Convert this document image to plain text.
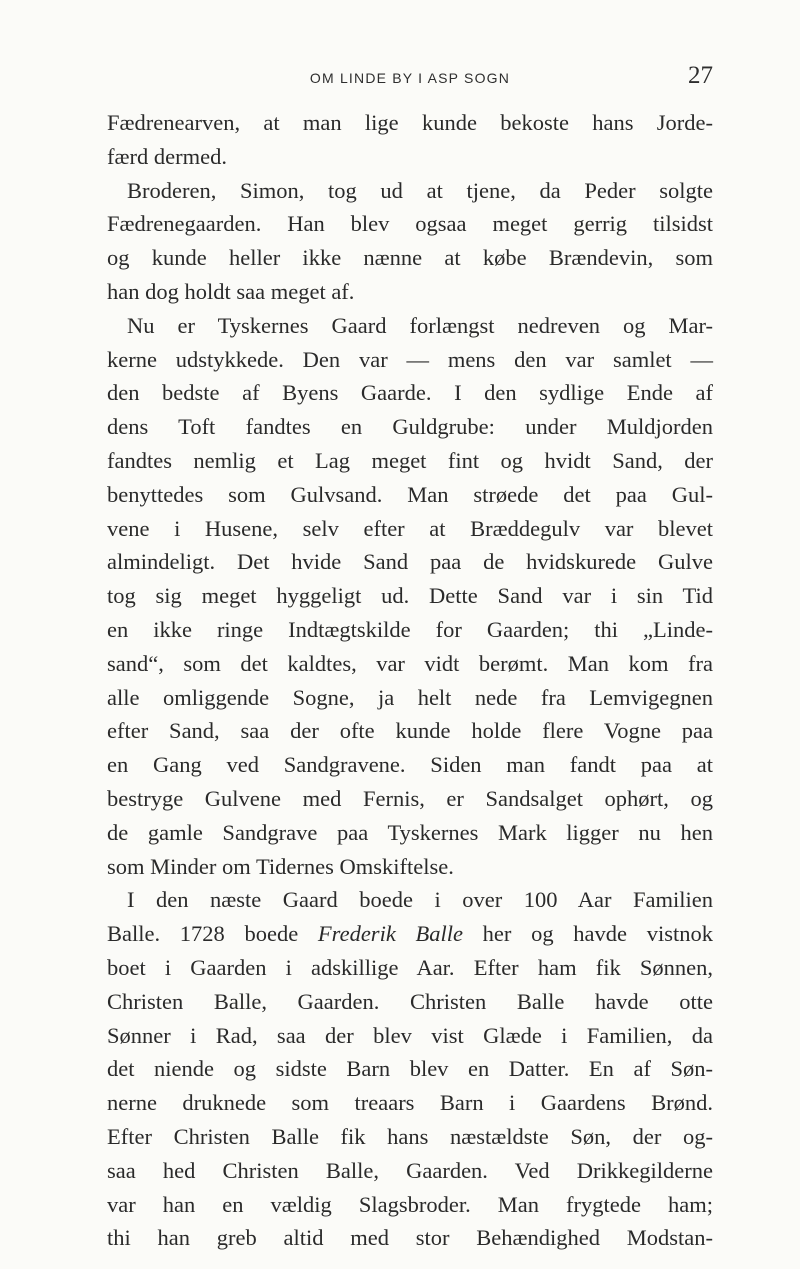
OM LINDE BY I ASP SOGN	27
Fædrenearven, at man lige kunde bekoste hans Jorde-
færd dermed.
Broderen, Simon, tog ud at tjene, da Peder solgte
Fædrenegaarden. Han blev ogsaa meget gerrig tilsidst
og kunde heller ikke nænne at købe Brændevin, som
han dog holdt saa meget af.
Nu er Tyskernes Gaard forlængst nedreven og Mar-
kerne udstykkede. Den var — mens den var samlet —
den bedste af Byens Gaarde. I den sydlige Ende af
dens Toft fandtes en Guldgrube: under Muldjorden
fandtes nemlig et Lag meget fint og hvidt Sand, der
benyttedes som Gulvsand. Man strøede det paa Gul-
vene i Husene, selv efter at Bræddegulv var blevet
almindeligt. Det hvide Sand paa de hvidskurede Gulve
tog sig meget hyggeligt ud. Dette Sand var i sin Tid
en ikke ringe Indtægtskilde for Gaarden; thi „Linde-
sand“, som det kaldtes, var vidt berømt. Man kom fra
alle omliggende Sogne, ja helt nede fra Lemvigegnen
efter Sand, saa der ofte kunde holde flere Vogne paa
en Gang ved Sandgravene. Siden man fandt paa at
bestryge Gulvene med Fernis, er Sandsalget ophørt, og
de gamle Sandgrave paa Tyskernes Mark ligger nu hen
som Minder om Tidernes Omskiftelse.
I den næste Gaard boede i over 100 Aar Familien
Balle. 1728 boede Frederik Balle her og havde vistnok
boet i Gaarden i adskillige Aar. Efter ham fik Sønnen,
Christen Balle, Gaarden. Christen Balle havde otte
Sønner i Rad, saa der blev vist Glæde i Familien, da
det niende og sidste Barn blev en Datter. En af Søn-
nerne druknede som treaars Barn i Gaardens Brønd.
Efter Christen Balle fik hans næstældste Søn, der og-
saa hed Christen Balle, Gaarden. Ved Drikkegilderne
var han en vældig Slagsbroder. Man frygtede ham;
thi han greb altid med stor Behændighed Modstan-
